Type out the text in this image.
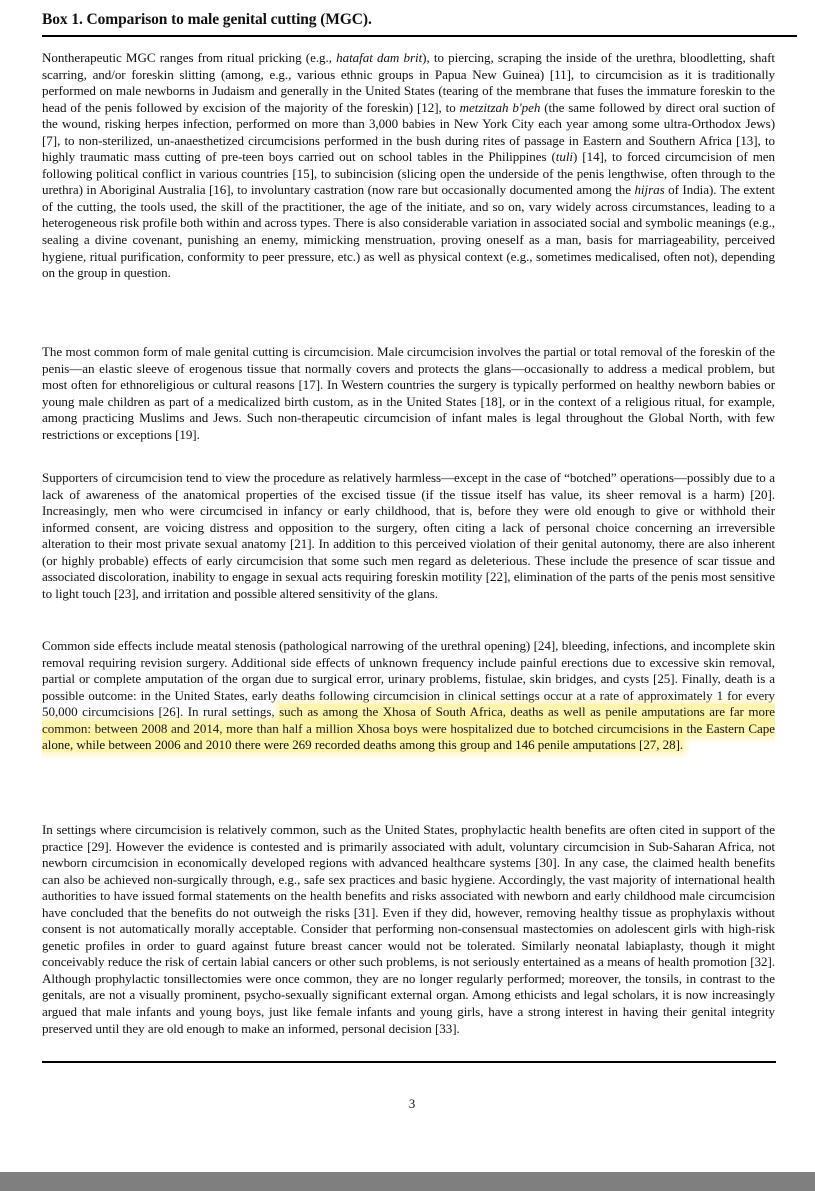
Box 1. Comparison to male genital cutting (MGC).

Nontherapeutic MGC ranges from ritual pricking (e.g., hatafat dam brit), to piercing, scraping the inside of the urethra, bloodletting, shaft scarring, and/or foreskin slitting (among, e.g., various ethnic groups in Papua New Guinea) [11], to circumcision as it is traditionally performed on male newborns in Judaism and generally in the United States (tearing of the membrane that fuses the immature foreskin to the head of the penis followed by excision of the majority of the foreskin) [12], to metzitzah b'peh (the same followed by direct oral suction of the wound, risking herpes infection, performed on more than 3,000 babies in New York City each year among some ultra-Orthodox Jews) [7], to non-sterilized, un-anaesthetized circumcisions performed in the bush during rites of passage in Eastern and Southern Africa [13], to highly traumatic mass cutting of pre-teen boys carried out on school tables in the Philippines (tuli) [14], to forced circumcision of men following political conflict in various countries [15], to subincision (slicing open the underside of the penis lengthwise, often through to the urethra) in Aboriginal Australia [16], to involuntary castration (now rare but occasionally documented among the hijras of India). The extent of the cutting, the tools used, the skill of the practitioner, the age of the initiate, and so on, vary widely across circumstances, leading to a heterogeneous risk profile both within and across types. There is also considerable variation in associated social and symbolic meanings (e.g., sealing a divine covenant, punishing an enemy, mimicking menstruation, proving oneself as a man, basis for marriageability, perceived hygiene, ritual purification, conformity to peer pressure, etc.) as well as physical context (e.g., sometimes medicalised, often not), depending on the group in question.

The most common form of male genital cutting is circumcision. Male circumcision involves the partial or total removal of the foreskin of the penis—an elastic sleeve of erogenous tissue that normally covers and protects the glans—occasionally to address a medical problem, but most often for ethnoreligious or cultural reasons [17]. In Western countries the surgery is typically performed on healthy newborn babies or young male children as part of a medicalized birth custom, as in the United States [18], or in the context of a religious ritual, for example, among practicing Muslims and Jews. Such non-therapeutic circumcision of infant males is legal throughout the Global North, with few restrictions or exceptions [19].

Supporters of circumcision tend to view the procedure as relatively harmless—except in the case of “botched” operations—possibly due to a lack of awareness of the anatomical properties of the excised tissue (if the tissue itself has value, its sheer removal is a harm) [20]. Increasingly, men who were circumcised in infancy or early childhood, that is, before they were old enough to give or withhold their informed consent, are voicing distress and opposition to the surgery, often citing a lack of personal choice concerning an irreversible alteration to their most private sexual anatomy [21]. In addition to this perceived violation of their genital autonomy, there are also inherent (or highly probable) effects of early circumcision that some such men regard as deleterious. These include the presence of scar tissue and associated discoloration, inability to engage in sexual acts requiring foreskin motility [22], elimination of the parts of the penis most sensitive to light touch [23], and irritation and possible altered sensitivity of the glans.

Common side effects include meatal stenosis (pathological narrowing of the urethral opening) [24], bleeding, infections, and incomplete skin removal requiring revision surgery. Additional side effects of unknown frequency include painful erections due to excessive skin removal, partial or complete amputation of the organ due to surgical error, urinary problems, fistulae, skin bridges, and cysts [25]. Finally, death is a possible outcome: in the United States, early deaths following circumcision in clinical settings occur at a rate of approximately 1 for every 50,000 circumcisions [26]. In rural settings, such as among the Xhosa of South Africa, deaths as well as penile amputations are far more common: between 2008 and 2014, more than half a million Xhosa boys were hospitalized due to botched circumcisions in the Eastern Cape alone, while between 2006 and 2010 there were 269 recorded deaths among this group and 146 penile amputations [27, 28].

In settings where circumcision is relatively common, such as the United States, prophylactic health benefits are often cited in support of the practice [29]. However the evidence is contested and is primarily associated with adult, voluntary circumcision in Sub-Saharan Africa, not newborn circumcision in economically developed regions with advanced healthcare systems [30]. In any case, the claimed health benefits can also be achieved non-surgically through, e.g., safe sex practices and basic hygiene. Accordingly, the vast majority of international health authorities to have issued formal statements on the health benefits and risks associated with newborn and early childhood male circumcision have concluded that the benefits do not outweigh the risks [31]. Even if they did, however, removing healthy tissue as prophylaxis without consent is not automatically morally acceptable. Consider that performing non-consensual mastectomies on adolescent girls with high-risk genetic profiles in order to guard against future breast cancer would not be tolerated. Similarly neonatal labiaplasty, though it might conceivably reduce the risk of certain labial cancers or other such problems, is not seriously entertained as a means of health promotion [32]. Although prophylactic tonsillectomies were once common, they are no longer regularly performed; moreover, the tonsils, in contrast to the genitals, are not a visually prominent, psycho-sexually significant external organ. Among ethicists and legal scholars, it is now increasingly argued that male infants and young boys, just like female infants and young girls, have a strong interest in having their genital integrity preserved until they are old enough to make an informed, personal decision [33].

3
